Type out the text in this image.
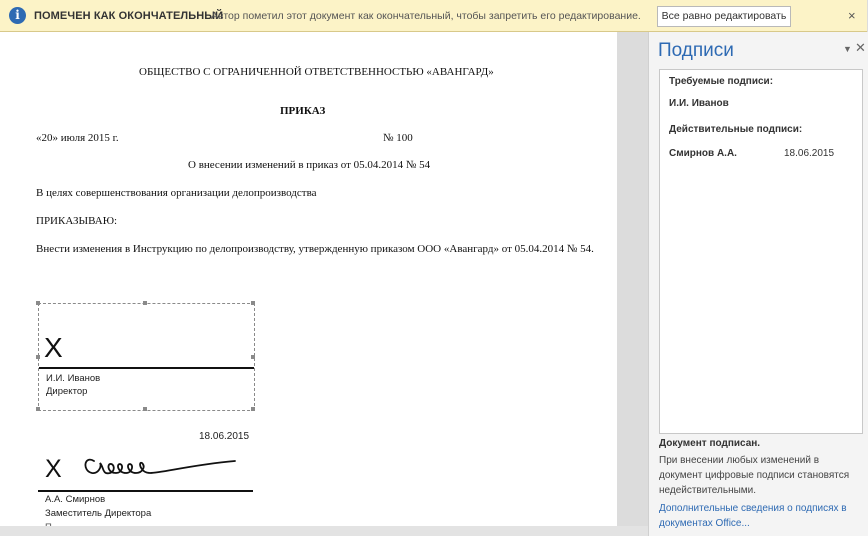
i	ПОМЕЧЕН КАК ОКОНЧАТЕЛЬНЫЙ
Автор пометил этот документ как окончательный, чтобы запретить его редактирование.	Все равно редактировать	×
ОБЩЕСТВО С ОГРАНИЧЕННОЙ ОТВЕТСТВЕННОСТЬЮ «АВАНГАРД»
ПРИКАЗ
«20» июля 2015 г.	№ 100
О внесении изменений в приказ от 05.04.2014 № 54
В целях совершенствования организации делопроизводства
ПРИКАЗЫВАЮ:
Внести изменения в Инструкцию по делопроизводству, утвержденную приказом ООО «Авангард» от 05.04.2014 № 54.
X
И.И. Иванов
Директор
18.06.2015
X
А.А. Смирнов
Заместитель Директора
Подписи	▼ ✕
Требуемые подписи:
И.И. Иванов
Действительные подписи:
Смирнов А.А.	18.06.2015
Документ подписан.
При внесении любых изменений в документ цифровые подписи становятся недействительными.
Дополнительные сведения о подписях в документах Office...
